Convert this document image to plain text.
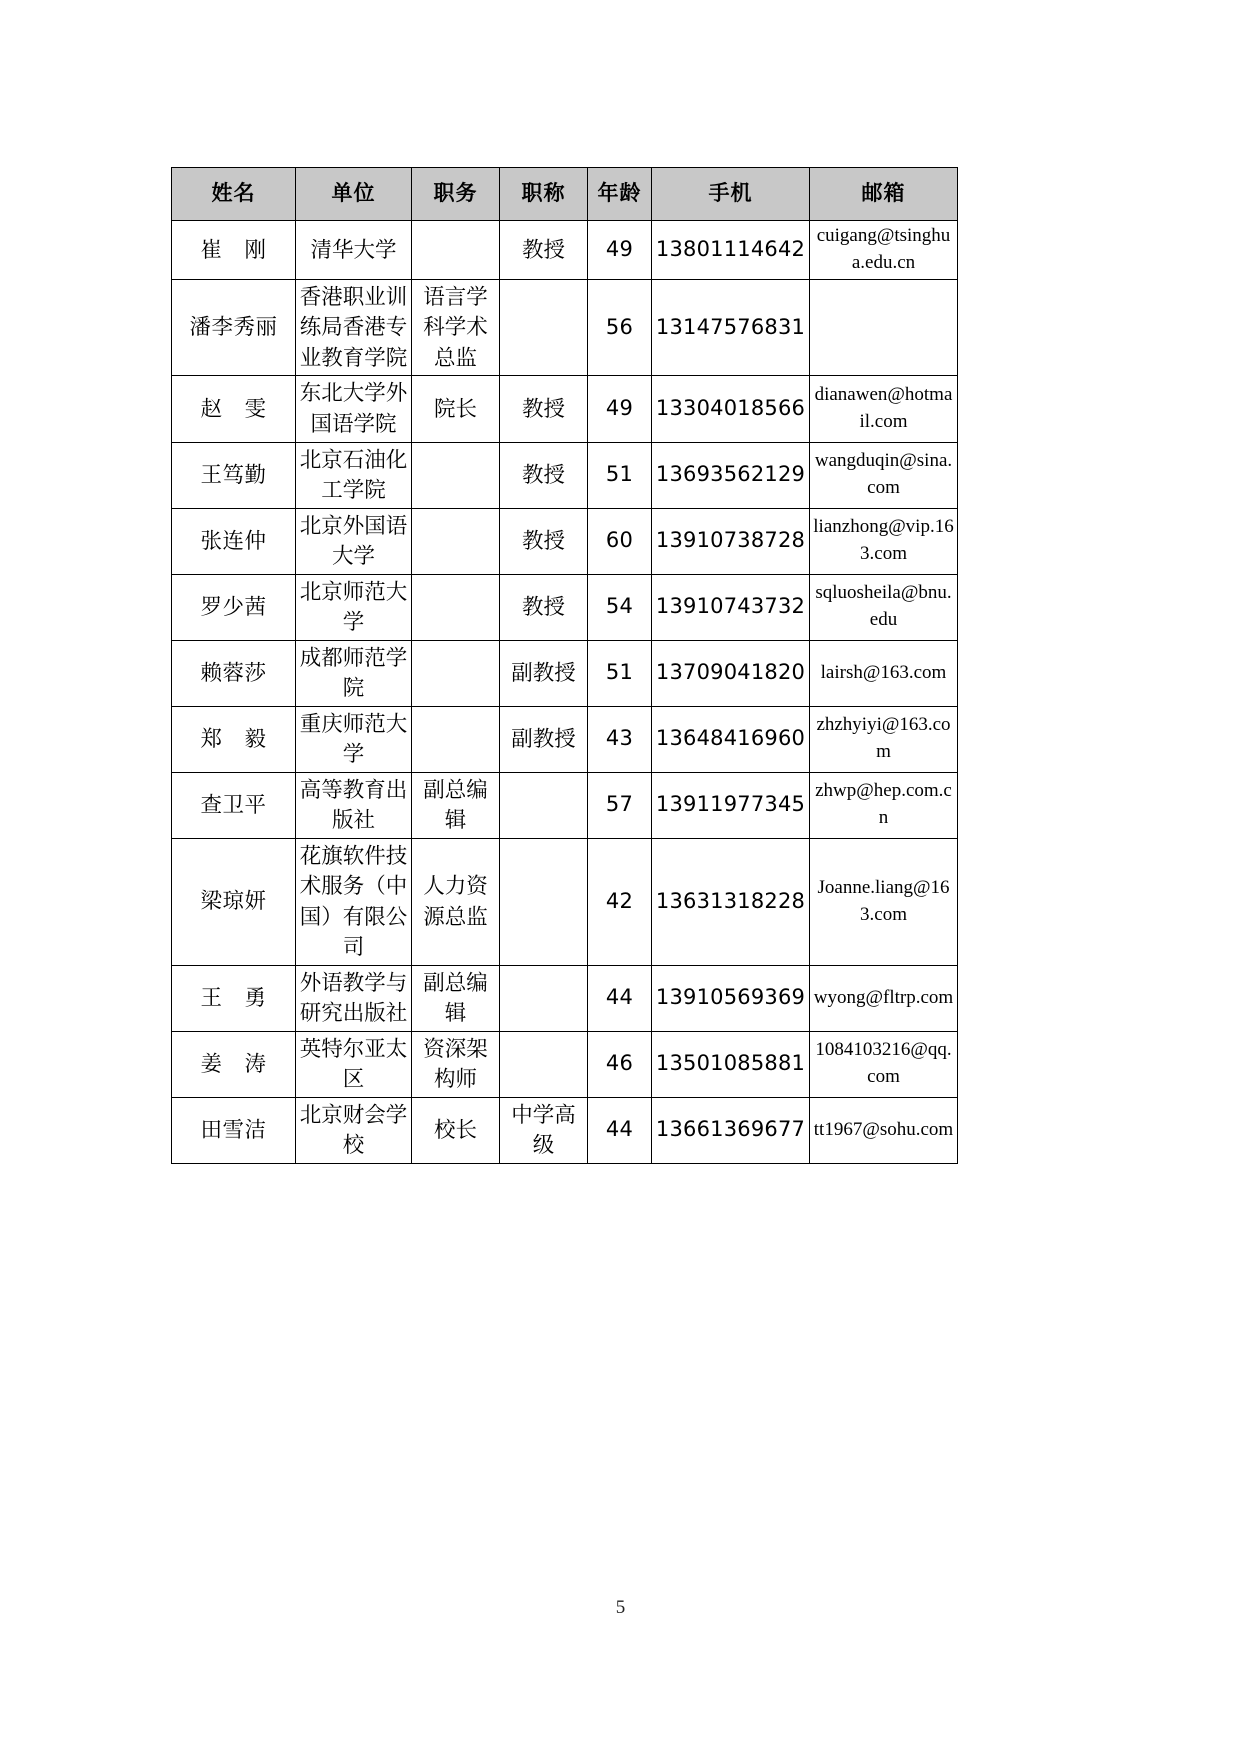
姓名	单位	职务	职称	年龄	手机	邮箱
崔　刚	清华大学		教授	49	13801114642	cuigang@tsinghua.edu.cn
潘李秀丽	香港职业训练局香港专业教育学院	语言学科学术总监		56	13147576831	
赵　雯	东北大学外国语学院	院长	教授	49	13304018566	dianawen@hotmail.com
王笃勤	北京石油化工学院		教授	51	13693562129	wangduqin@sina.com
张连仲	北京外国语大学		教授	60	13910738728	lianzhong@vip.163.com
罗少茜	北京师范大学		教授	54	13910743732	sqluosheila@bnu.edu
赖蓉莎	成都师范学院		副教授	51	13709041820	lairsh@163.com
郑　毅	重庆师范大学		副教授	43	13648416960	zhzhyiyi@163.com
查卫平	高等教育出版社	副总编辑		57	13911977345	zhwp@hep.com.cn
梁琼妍	花旗软件技术服务（中国）有限公司	人力资源总监		42	13631318228	Joanne.liang@163.com
王　勇	外语教学与研究出版社	副总编辑		44	13910569369	wyong@fltrp.com
姜　涛	英特尔亚太区	资深架构师		46	13501085881	1084103216@qq.com
田雪洁	北京财会学校	校长	中学高级	44	13661369677	tt1967@sohu.com
5
